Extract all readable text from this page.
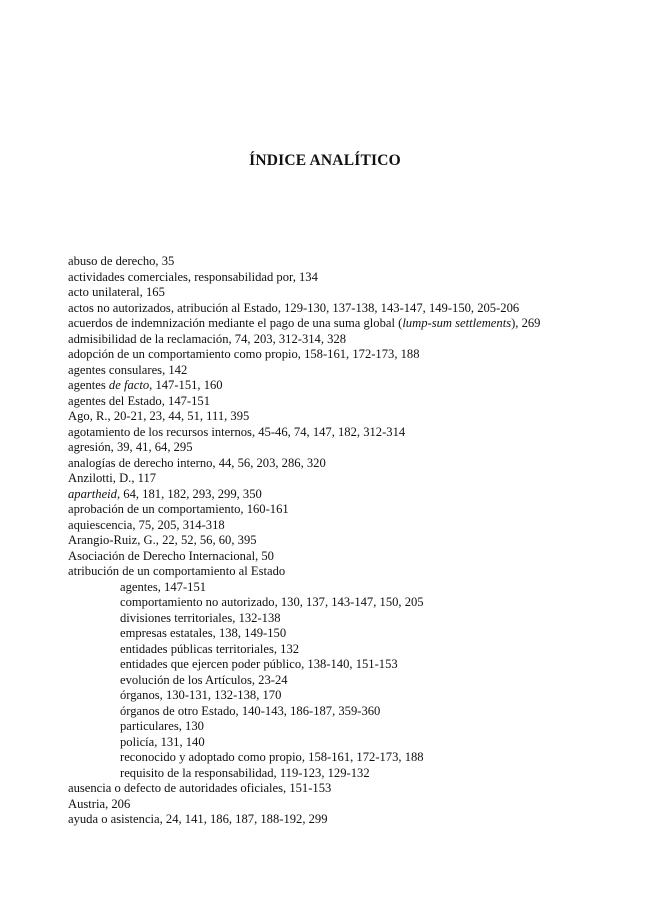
ÍNDICE ANALÍTICO
abuso de derecho, 35
actividades comerciales, responsabilidad por, 134
acto unilateral, 165
actos no autorizados, atribución al Estado, 129-130, 137-138, 143-147, 149-150, 205-206
acuerdos de indemnización mediante el pago de una suma global (lump-sum settlements), 269
admisibilidad de la reclamación, 74, 203, 312-314, 328
adopción de un comportamiento como propio, 158-161, 172-173, 188
agentes consulares, 142
agentes de facto, 147-151, 160
agentes del Estado, 147-151
Ago, R., 20-21, 23, 44, 51, 111, 395
agotamiento de los recursos internos, 45-46, 74, 147, 182, 312-314
agresión, 39, 41, 64, 295
analogías de derecho interno, 44, 56, 203, 286, 320
Anzilotti, D., 117
apartheid, 64, 181, 182, 293, 299, 350
aprobación de un comportamiento, 160-161
aquiescencia, 75, 205, 314-318
Arangio-Ruiz, G., 22, 52, 56, 60, 395
Asociación de Derecho Internacional, 50
atribución de un comportamiento al Estado
agentes, 147-151
comportamiento no autorizado, 130, 137, 143-147, 150, 205
divisiones territoriales, 132-138
empresas estatales, 138, 149-150
entidades públicas territoriales, 132
entidades que ejercen poder público, 138-140, 151-153
evolución de los Artículos, 23-24
órganos, 130-131, 132-138, 170
órganos de otro Estado, 140-143, 186-187, 359-360
particulares, 130
policía, 131, 140
reconocido y adoptado como propio, 158-161, 172-173, 188
requisito de la responsabilidad, 119-123, 129-132
ausencia o defecto de autoridades oficiales, 151-153
Austria, 206
ayuda o asistencia, 24, 141, 186, 187, 188-192, 299
